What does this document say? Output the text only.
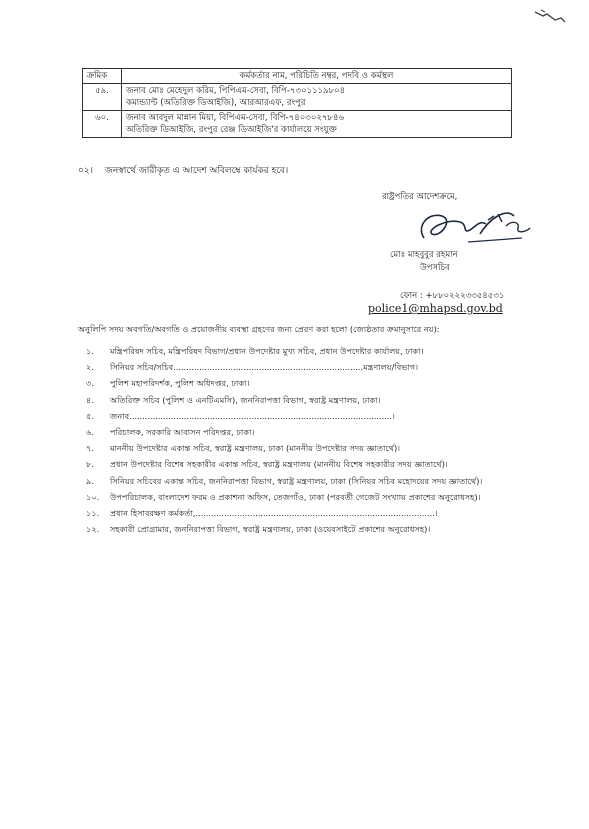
ক্রমিক	কর্মকর্তার নাম, পরিচিতি নম্বর, পদবি ও কর্মস্থল
৫৯.	জনাব মোঃ মেহেদুল করিম, পিপিএম-সেবা, বিপি-৭৩০১১১৯৮০৪
কমান্ড্যান্ট (অতিরিক্ত ডিআইজি), আরআরএফ, রংপুর

৬০.	জনাব আবদুল মান্নান মিয়া, বিপিএম-সেবা, বিপি-৭৪০৩০২৭৮৪৬
অতিরিক্ত ডিআইজি, রংপুর রেঞ্জ ডিআইজি'র কার্যালয়ে সংযুক্ত
০২। জনস্বার্থে জারীকৃত এ আদেশ অবিলম্বে কার্যকর হবে।
রাষ্ট্রপতির আদেশক্রমে,
মোঃ মাহবুবুর রহমান
উপসচিব
ফোন : +৮৮০২২২৩৩৫৪৫৩১
police1@mhapsd.gov.bd
অনুলিপি সদয় অবগতি/অবগতি ও প্রয়োজনীয় ব্যবস্থা গ্রহণের জন্য প্রেরণ করা হলো (জ্যেষ্ঠতার ক্রমানুসারে নয়):
১. মন্ত্রিপরিষদ সচিব, মন্ত্রিপরিষদ বিভাগ/প্রধান উপদেষ্টার মুখ্য সচিব, প্রধান উপদেষ্টার কার্যালয়, ঢাকা।
২. সিনিয়র সচিব/সচিব.........................................................................মন্ত্রণালয়/বিভাগ।
৩. পুলিশ মহাপরিদর্শক, পুলিশ অধিদপ্তর, ঢাকা।
৪. অতিরিক্ত সচিব (পুলিশ ও এনটিএমসি), জননিরাপত্তা বিভাগ, স্বরাষ্ট্র মন্ত্রণালয়, ঢাকা।
৫. জনাব.....................................................................................................।
৬. পরিচালক, সরকারি আবাসন পরিদপ্তর, ঢাকা।
৭. মাননীয় উপদেষ্টার একান্ত সচিব, স্বরাষ্ট্র মন্ত্রণালয়, ঢাকা (মাননীয় উপদেষ্টার সদয় জ্ঞাতার্থে)।
৮. প্রধান উপদেষ্টার বিশেষ সহকারীর একান্ত সচিব, স্বরাষ্ট্র মন্ত্রণালয় (মাননীয় বিশেষ সহকারীর সদয় জ্ঞাতার্থে)।
৯. সিনিয়র সচিবের একান্ত সচিব, জননিরাপত্তা বিভাগ, স্বরাষ্ট্র মন্ত্রণালয়, ঢাকা (সিনিয়র সচিব মহোদয়ের সদয় জ্ঞাতার্থে)।
১০. উপপরিচালক, বাংলাদেশ ফরম ও প্রকাশনা অফিস, তেজগাঁও, ঢাকা (পরবর্তী গেজেট সংখ্যায় প্রকাশের অনুরোধসহ)।
১১. প্রধান হিসাবরক্ষণ কর্মকর্তা,............................................................................................।
১২. সহকারী প্রোগ্রামার, জননিরাপত্তা বিভাগ, স্বরাষ্ট্র মন্ত্রণালয়, ঢাকা (ওয়েবসাইটে প্রকাশের অনুরোধসহ)।
